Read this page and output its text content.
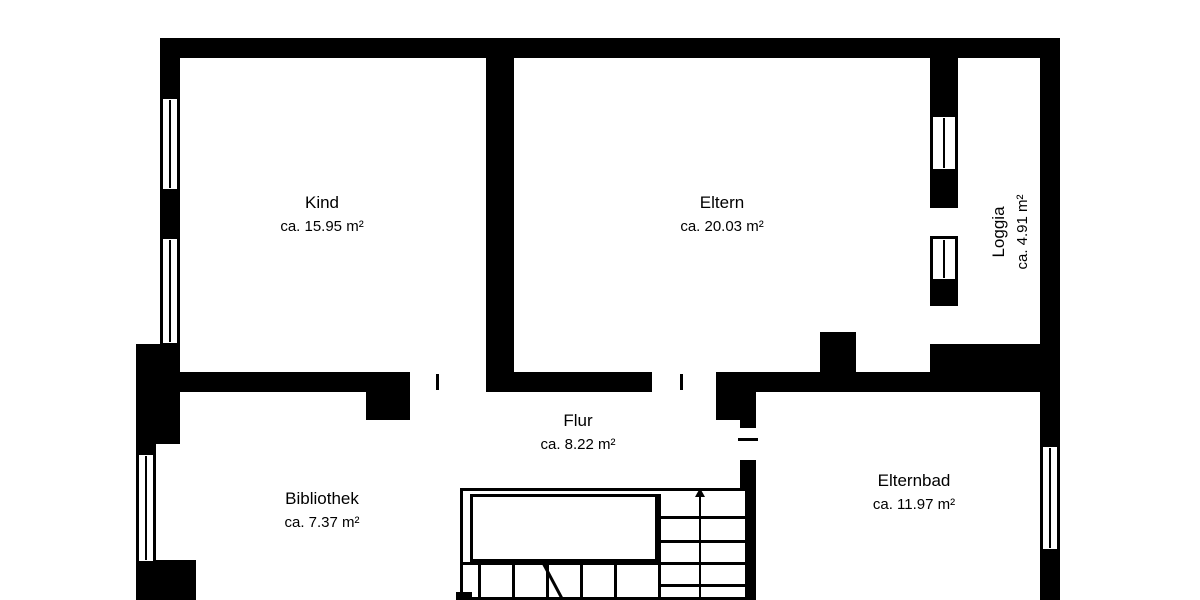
Kind
ca. 15.95 m²
Eltern
ca. 20.03 m²	Loggia ca. 4.91 m²
Flur
ca. 8.22 m²
Bibliothek
ca. 7.37 m²
Elternbad
ca. 11.97 m²
